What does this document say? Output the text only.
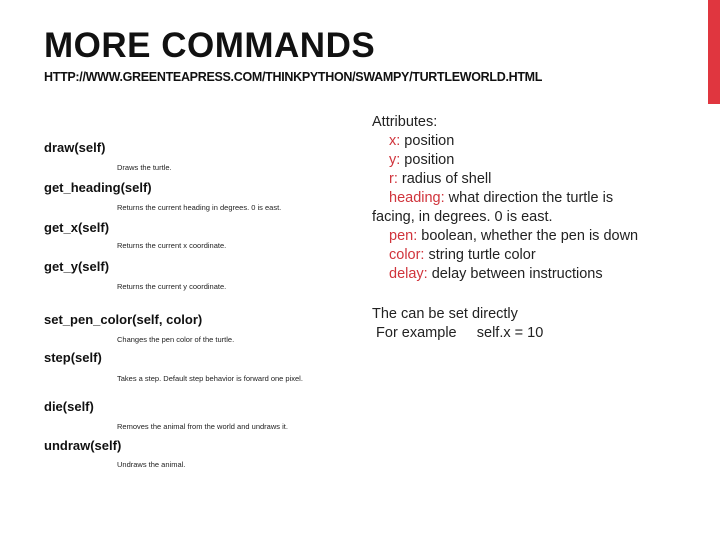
MORE COMMANDS

HTTP://WWW.GREENTEAPRESS.COM/THINKPYTHON/SWAMPY/TURTLEWORLD.HTML

draw(self)

Draws the turtle.

get_heading(self)

Returns the current heading in degrees. 0 is east.

get_x(self)

Returns the current x coordinate.

get_y(self)

Returns the current y coordinate.

set_pen_color(self, color)

Changes the pen color of the turtle.

step(self)

Takes a step. Default step behavior is forward one pixel.

die(self)

Removes the animal from the world and undraws it.

undraw(self)

Undraws the animal.

Attributes:
x: position
y: position
r: radius of shell
heading: what direction the turtle is
facing, in degrees. 0 is east.
pen: boolean, whether the pen is down
color: string turtle color
delay: delay between instructions
The can be set directly
For example     self.x = 10
